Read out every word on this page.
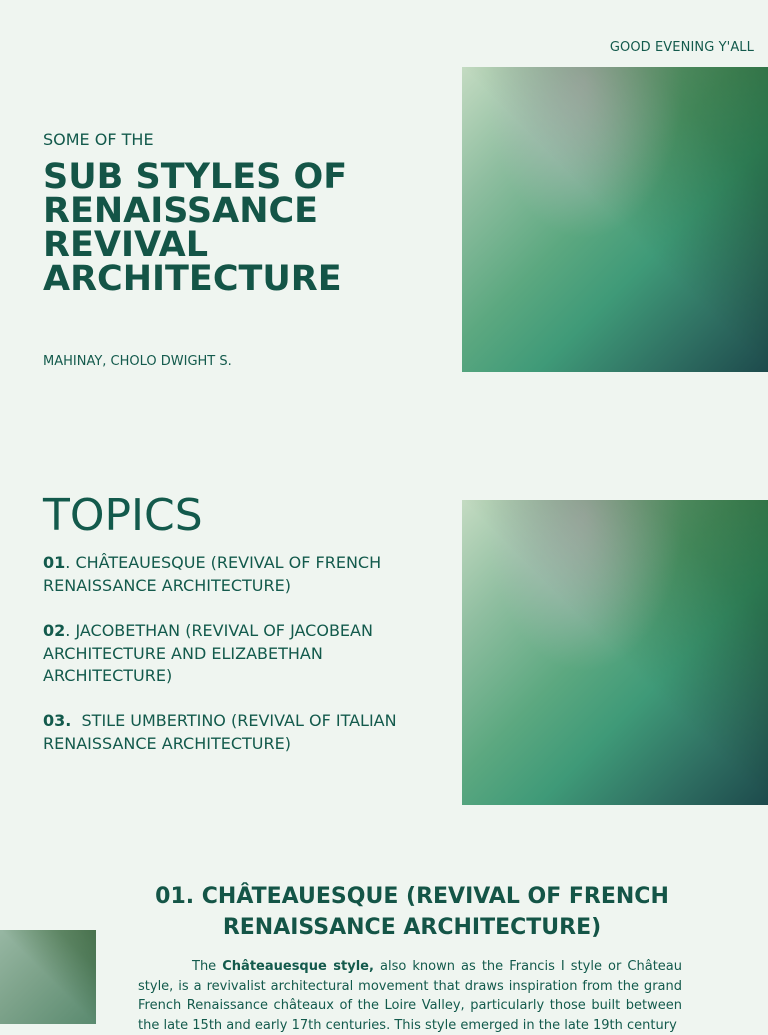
GOOD EVENING Y'ALL
SOME OF THE
SUB STYLES OF RENAISSANCE REVIVAL ARCHITECTURE
MAHINAY, CHOLO DWIGHT S.
TOPICS
01. CHÂTEAUESQUE (REVIVAL OF FRENCH RENAISSANCE ARCHITECTURE)
02. JACOBETHAN (REVIVAL OF JACOBEAN ARCHITECTURE AND ELIZABETHAN ARCHITECTURE)
03. STILE UMBERTINO (REVIVAL OF ITALIAN RENAISSANCE ARCHITECTURE)
01. CHÂTEAUESQUE (REVIVAL OF FRENCH RENAISSANCE ARCHITECTURE)

The Châteauesque style, also known as the Francis I style or Château style, is a revivalist architectural movement that draws inspiration from the grand French Renaissance châteaux of the Loire Valley, particularly those built between the late 15th and early 17th centuries. This style emerged in the late 19th century
